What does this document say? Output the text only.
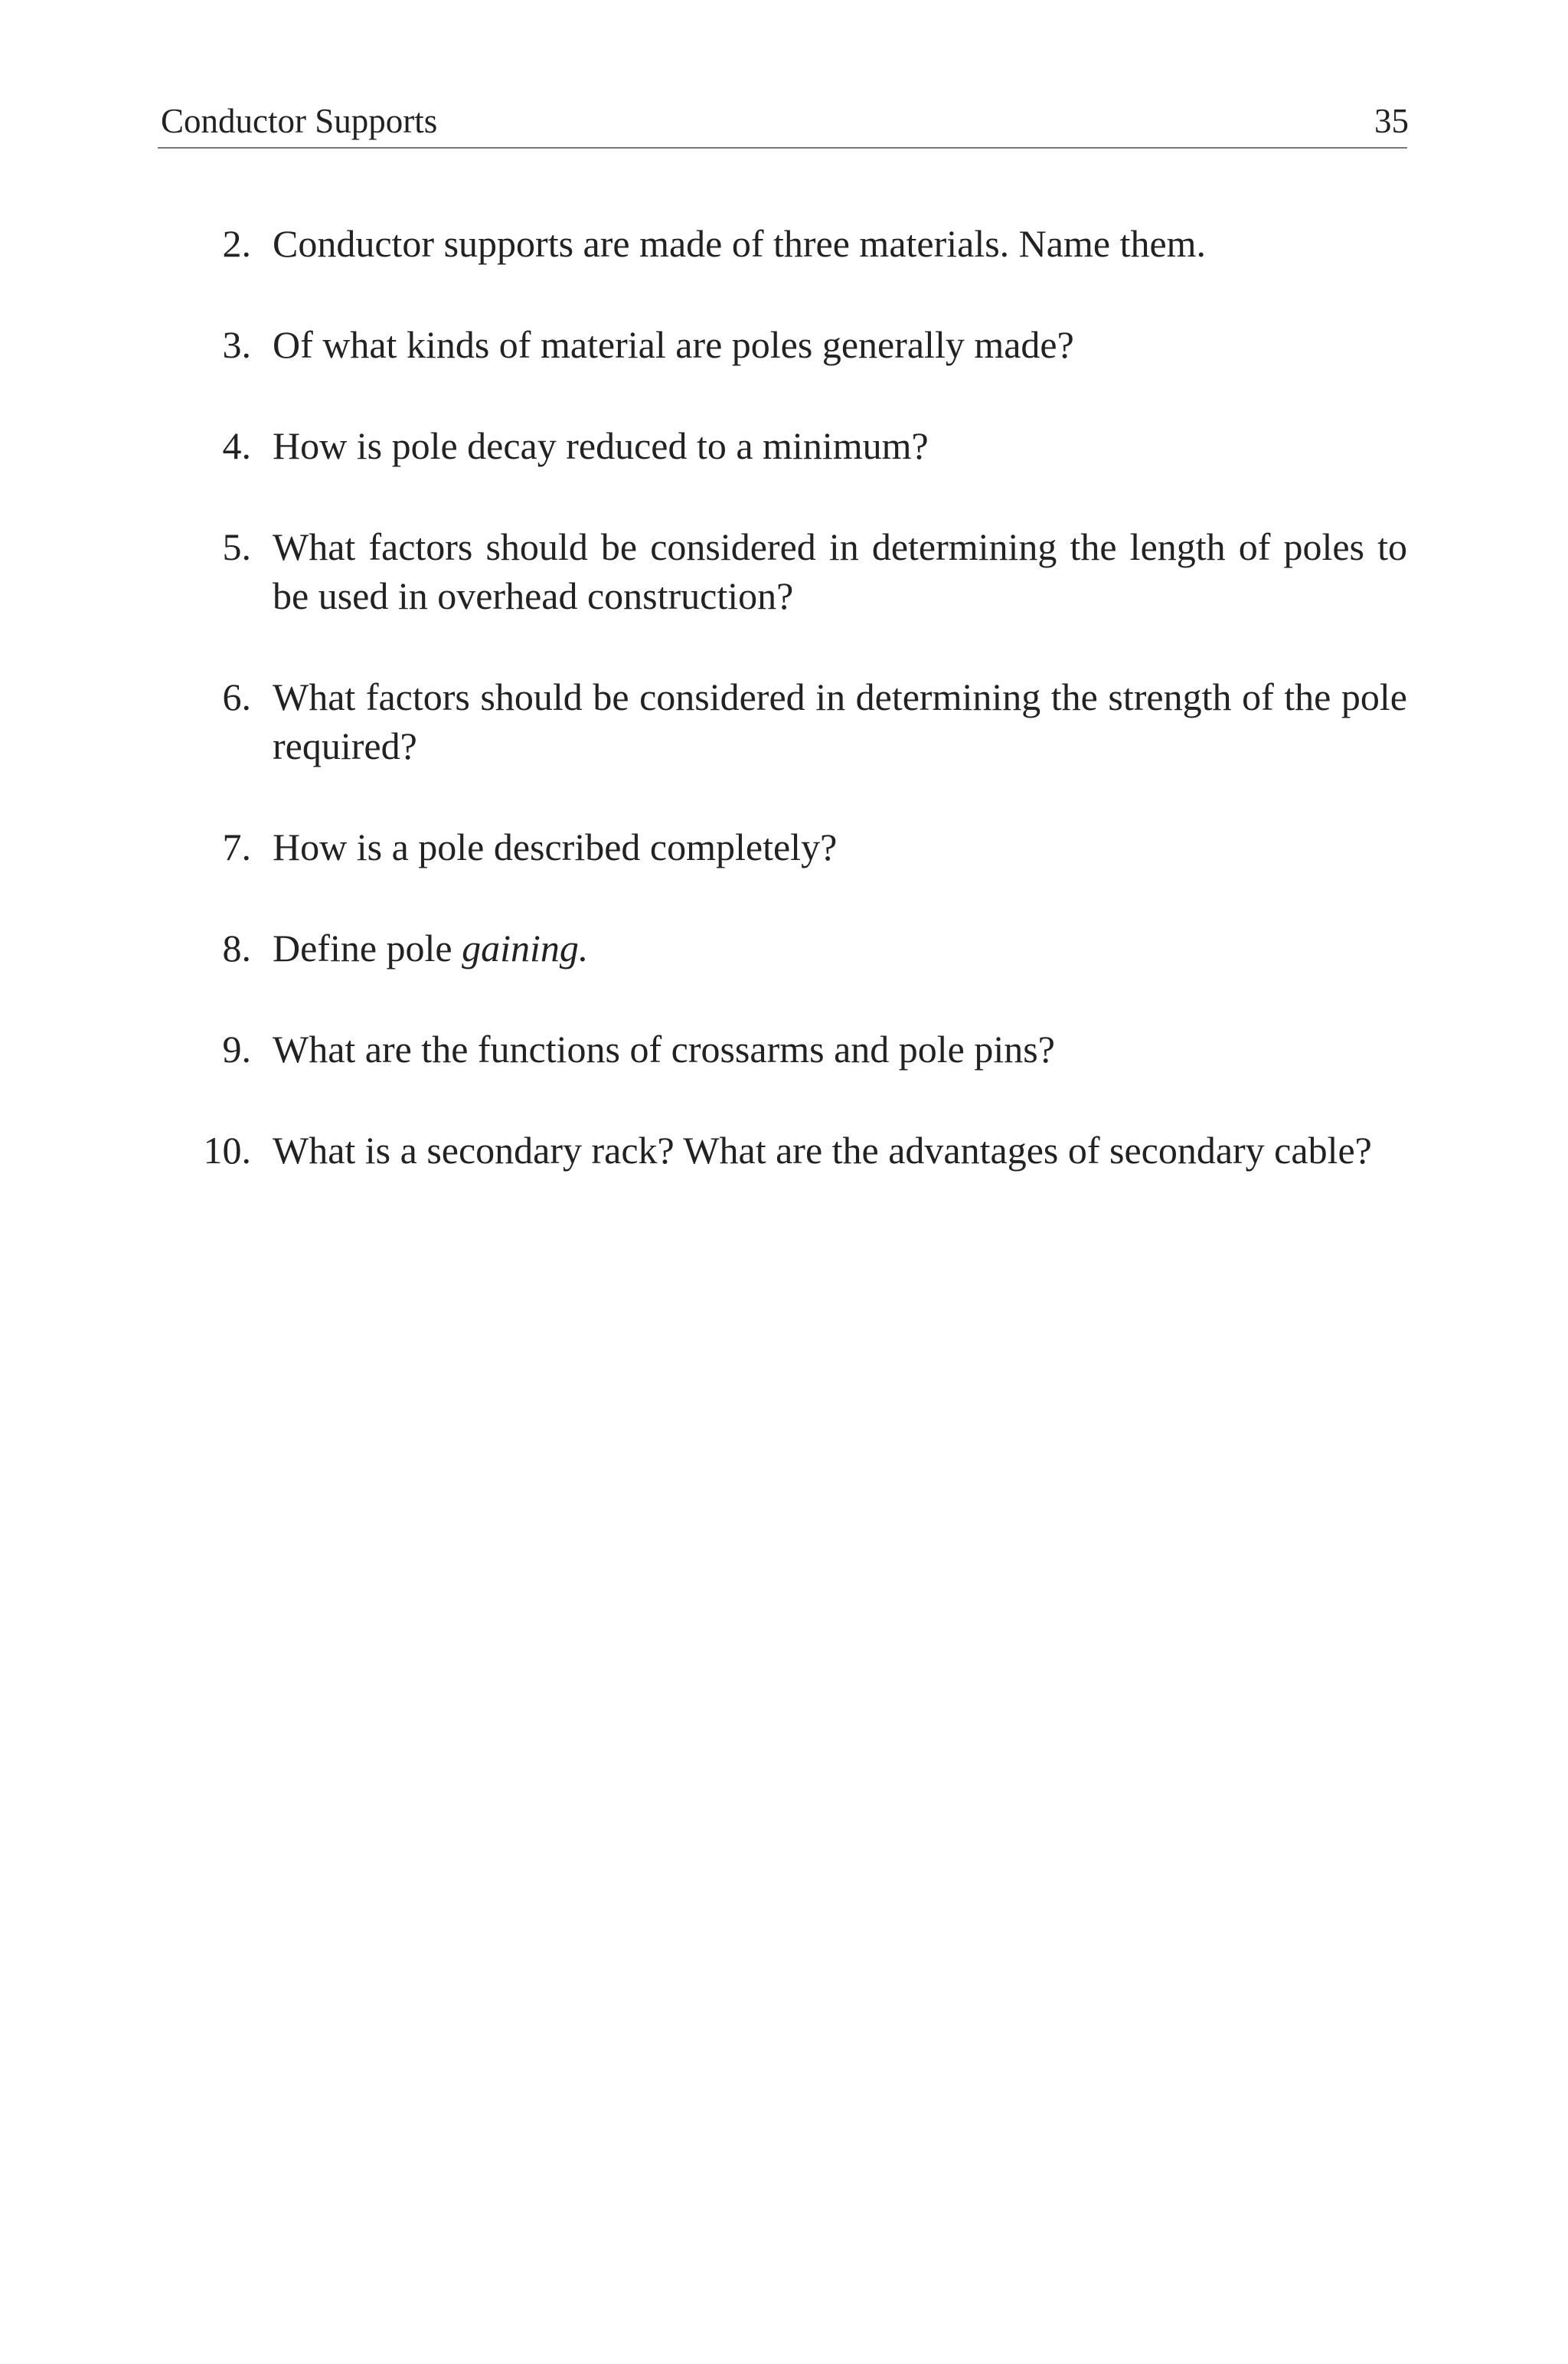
Conductor Supports	35
2. Conductor supports are made of three materials. Name them.
3. Of what kinds of material are poles generally made?
4. How is pole decay reduced to a minimum?
5. What factors should be considered in determining the length of poles to be used in overhead construction?
6. What factors should be considered in determining the strength of the pole required?
7. How is a pole described completely?
8. Define pole gaining.
9. What are the functions of crossarms and pole pins?
10. What is a secondary rack? What are the advantages of secondary cable?
